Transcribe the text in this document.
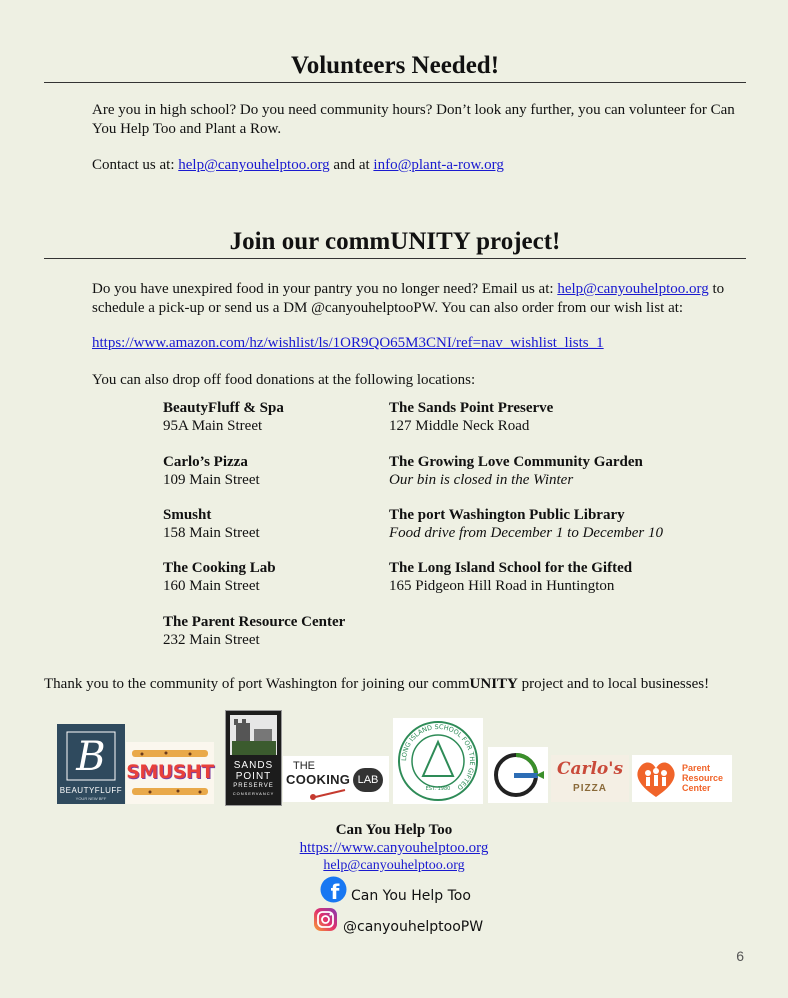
Volunteers Needed!
Are you in high school? Do you need community hours? Don’t look any further, you can volunteer for Can You Help Too and Plant a Row.
Contact us at: help@canyouhelptoo.org and at info@plant-a-row.org
Join our commUNITY project!
Do you have unexpired food in your pantry you no longer need? Email us at: help@canyouhelptoo.org to schedule a pick-up or send us a DM @canyouhelptooPW. You can also order from our wish list at:
https://www.amazon.com/hz/wishlist/ls/1OR9QO65M3CNI/ref=nav_wishlist_lists_1
You can also drop off food donations at the following locations:
BeautyFluff & Spa
95A Main Street
The Sands Point Preserve
127 Middle Neck Road
Carlo’s Pizza
109 Main Street
The Growing Love Community Garden
Our bin is closed in the Winter
Smusht
158 Main Street
The port Washington Public Library
Food drive from December 1 to December 10
The Cooking Lab
160 Main Street
The Long Island School for the Gifted
165 Pidgeon Hill Road in Huntington
The Parent Resource Center
232 Main Street
Thank you to the community of port Washington for joining our commUNITY project and to local businesses!
B
BEAUTYFLUFF
YOUR NEW BFF
SMUSHT	SANDS
POINT
PRESERVE
CONSERVANCY
THE
COOKING LAB
LONG ISLAND SCHOOL FOR THE GIFTED
EST. 1980
Carlo's
PIZZA
Parent
Resource
Center
Can You Help Too
https://www.canyouhelptoo.org
help@canyouhelptoo.org
f Can You Help Too
@canyouhelptooPW
6
